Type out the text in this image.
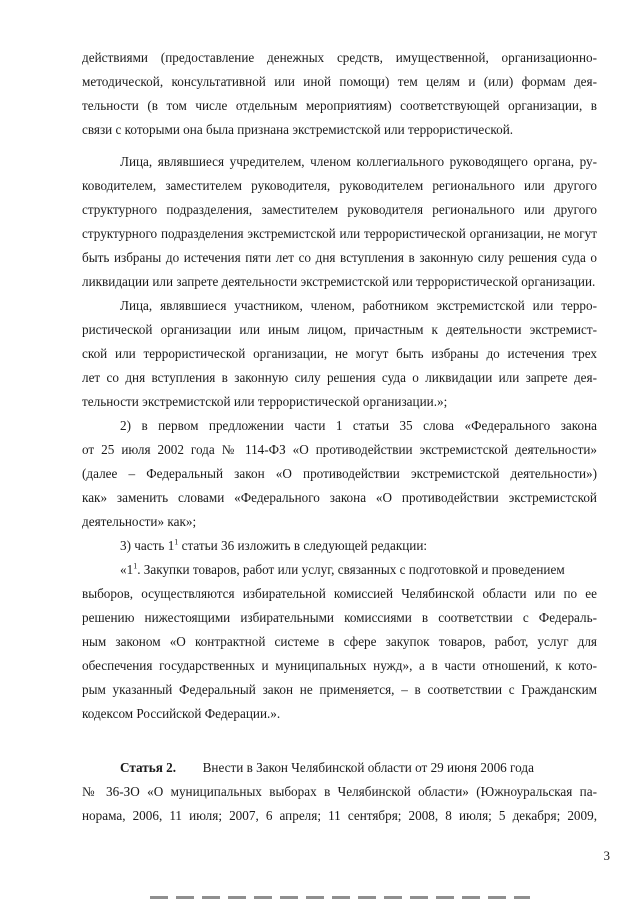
действиями (предоставление денежных средств, имущественной, организационно-
методической, консультативной или иной помощи) тем целям и (или) формам дея-
тельности (в том числе отдельным мероприятиям) соответствующей организации, в
связи с которыми она была признана экстремистской или террористической.
Лица, являвшиеся учредителем, членом коллегиального руководящего органа, ру-
ководителем, заместителем руководителя, руководителем регионального или другого
структурного подразделения, заместителем руководителя регионального или другого
структурного подразделения экстремистской или террористической организации, не могут
быть избраны до истечения пяти лет со дня вступления в законную силу решения суда о
ликвидации или запрете деятельности экстремистской или террористической организации.
Лица, являвшиеся участником, членом, работником экстремистской или терро-
ристической организации или иным лицом, причастным к деятельности экстремист-
ской или террористической организации, не могут быть избраны до истечения трех
лет со дня вступления в законную силу решения суда о ликвидации или запрете дея-
тельности экстремистской или террористической организации.»;
2) в первом предложении части 1 статьи 35 слова «Федерального закона
от 25 июля 2002 года № 114-ФЗ «О противодействии экстремистской деятельности»
(далее – Федеральный закон «О противодействии экстремистской деятельности»)
как» заменить словами «Федерального закона «О противодействии экстремистской
деятельности» как»;
3) часть $1^1$ статьи 36 изложить в следующей редакции:
«$1^1$. Закупки товаров, работ или услуг, связанных с подготовкой и проведением
выборов, осуществляются избирательной комиссией Челябинской области или по ее
решению нижестоящими избирательными комиссиями в соответствии с Федераль-
ным законом «О контрактной системе в сфере закупок товаров, работ, услуг для
обеспечения государственных и муниципальных нужд», а в части отношений, к кото-
рым указанный Федеральный закон не применяется, – в соответствии с Гражданским
кодексом Российской Федерации.».
Статья 2. Внести в Закон Челябинской области от 29 июня 2006 года
№ 36-ЗО «О муниципальных выборах в Челябинской области» (Южноуральская па-
норама, 2006, 11 июля; 2007, 6 апреля; 11 сентября; 2008, 8 июля; 5 декабря; 2009,
3
